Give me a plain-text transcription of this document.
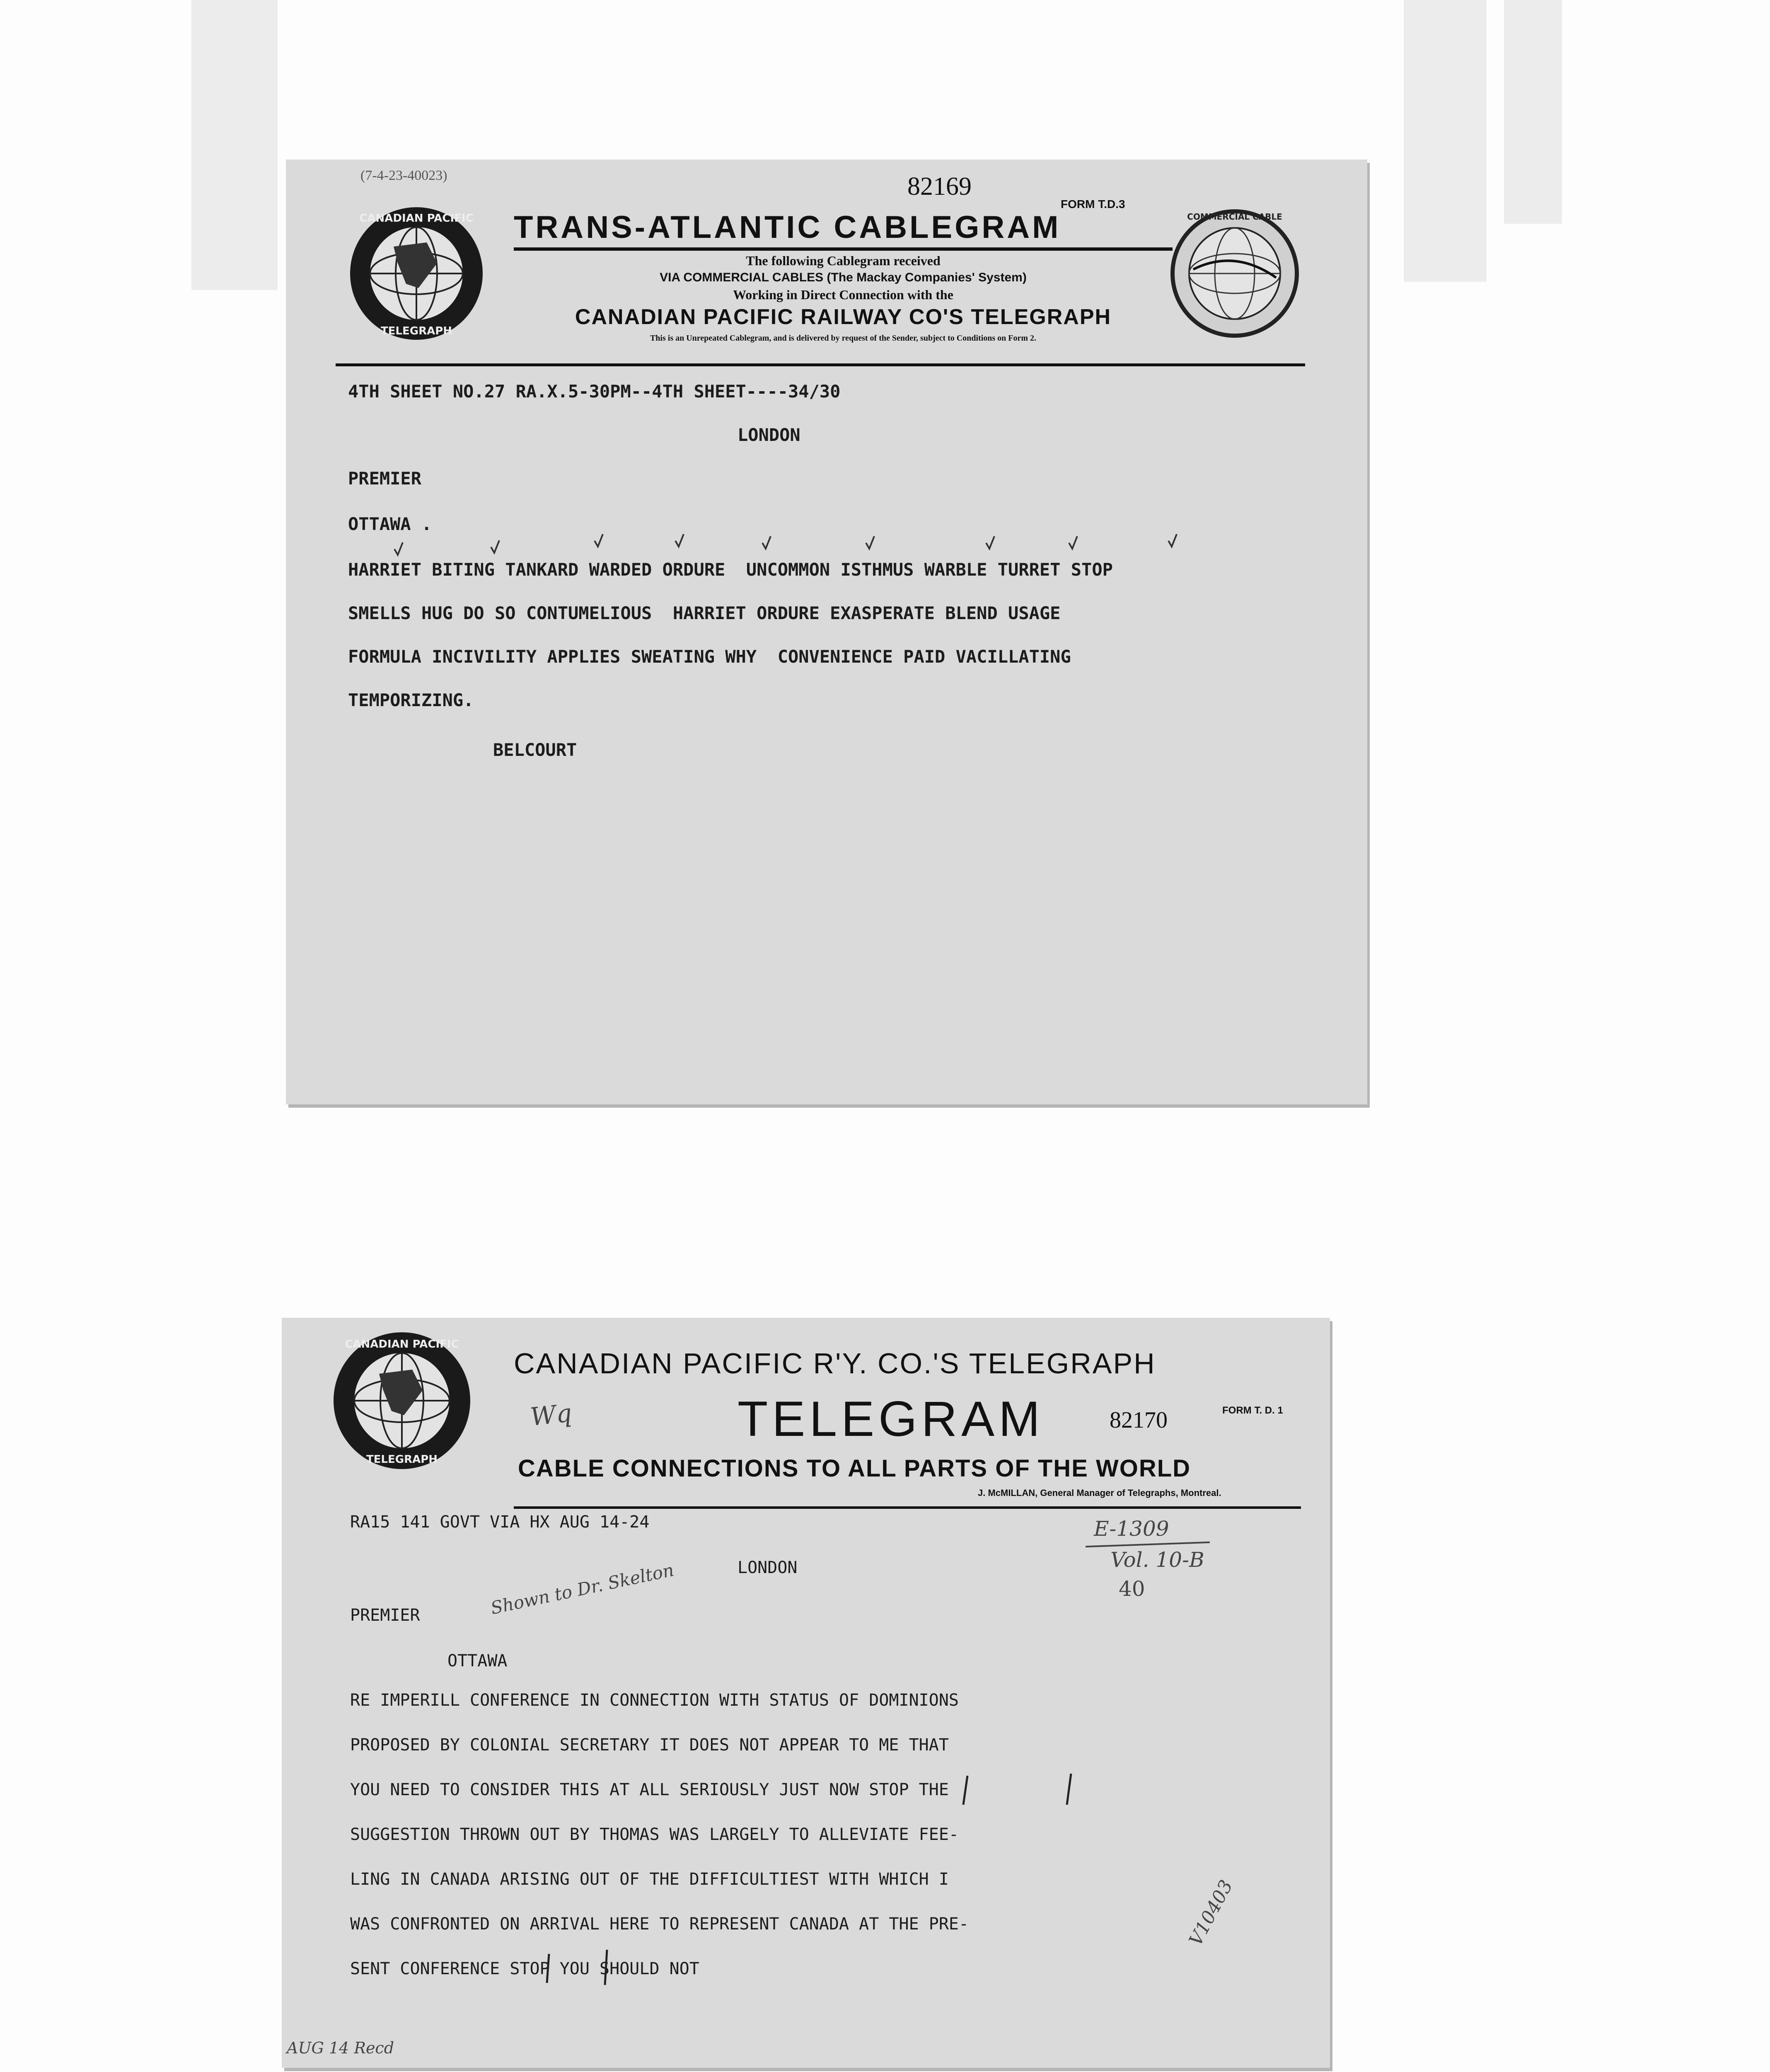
(7-4-23-40023)	82169
FORM T.D.3
CANADIAN PACIFIC
TELEGRAPH
COMMERCIAL CABLE
TRANS-ATLANTIC CABLEGRAM
The following Cablegram received
VIA COMMERCIAL CABLES (The Mackay Companies' System)
Working in Direct Connection with the
CANADIAN PACIFIC RAILWAY CO'S TELEGRAPH
This is an Unrepeated Cablegram, and is delivered by request of the Sender, subject to Conditions on Form 2.
4TH SHEET NO.27 RA.X.5-30PM--4TH SHEET----34/30
LONDON
PREMIER
OTTAWA .
HARRIET BITING TANKARD WARDED ORDURE  UNCOMMON ISTHMUS WARBLE TURRET STOP
SMELLS HUG DO SO CONTUMELIOUS  HARRIET ORDURE EXASPERATE BLEND USAGE
FORMULA INCIVILITY APPLIES SWEATING WHY  CONVENIENCE PAID VACILLATING
TEMPORIZING.
BELCOURT
CANADIAN PACIFIC
TELEGRAPH
CANADIAN PACIFIC R'Y. CO.'S TELEGRAPH
TELEGRAM	82170	FORM T. D. 1
CABLE CONNECTIONS TO ALL PARTS OF THE WORLD
J. McMILLAN, General Manager of Telegraphs, Montreal.
Wq
RA15 141 GOVT VIA HX AUG 14-24
LONDON
E-1309
Vol. 10-B
40
PREMIER	Shown to Dr. Skelton
OTTAWA
RE IMPERILL CONFERENCE IN CONNECTION WITH STATUS OF DOMINIONS
PROPOSED BY COLONIAL SECRETARY IT DOES NOT APPEAR TO ME THAT
YOU NEED TO CONSIDER THIS AT ALL SERIOUSLY JUST NOW STOP THE
SUGGESTION THROWN OUT BY THOMAS WAS LARGELY TO ALLEVIATE FEE-
LING IN CANADA ARISING OUT OF THE DIFFICULTIEST WITH WHICH I
WAS CONFRONTED ON ARRIVAL HERE TO REPRESENT CANADA AT THE PRE-
SENT CONFERENCE STOP YOU SHOULD NOT
V10403
AUG 14 Recd
